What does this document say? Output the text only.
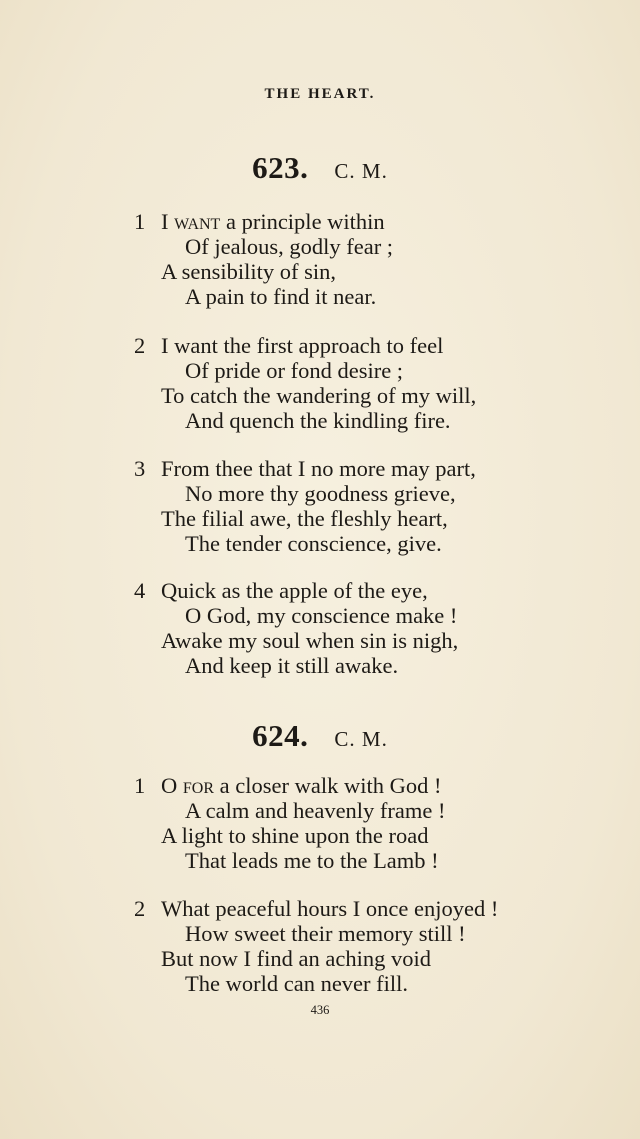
THE HEART.
623. C. M.
1 I want a principle within
Of jealous, godly fear ;
A sensibility of sin,
A pain to find it near.
2 I want the first approach to feel
Of pride or fond desire ;
To catch the wandering of my will,
And quench the kindling fire.
3 From thee that I no more may part,
No more thy goodness grieve,
The filial awe, the fleshly heart,
The tender conscience, give.
4 Quick as the apple of the eye,
O God, my conscience make !
Awake my soul when sin is nigh,
And keep it still awake.
624. C. M.
1 O for a closer walk with God !
A calm and heavenly frame !
A light to shine upon the road
That leads me to the Lamb !
2 What peaceful hours I once enjoyed !
How sweet their memory still !
But now I find an aching void
The world can never fill.
436
